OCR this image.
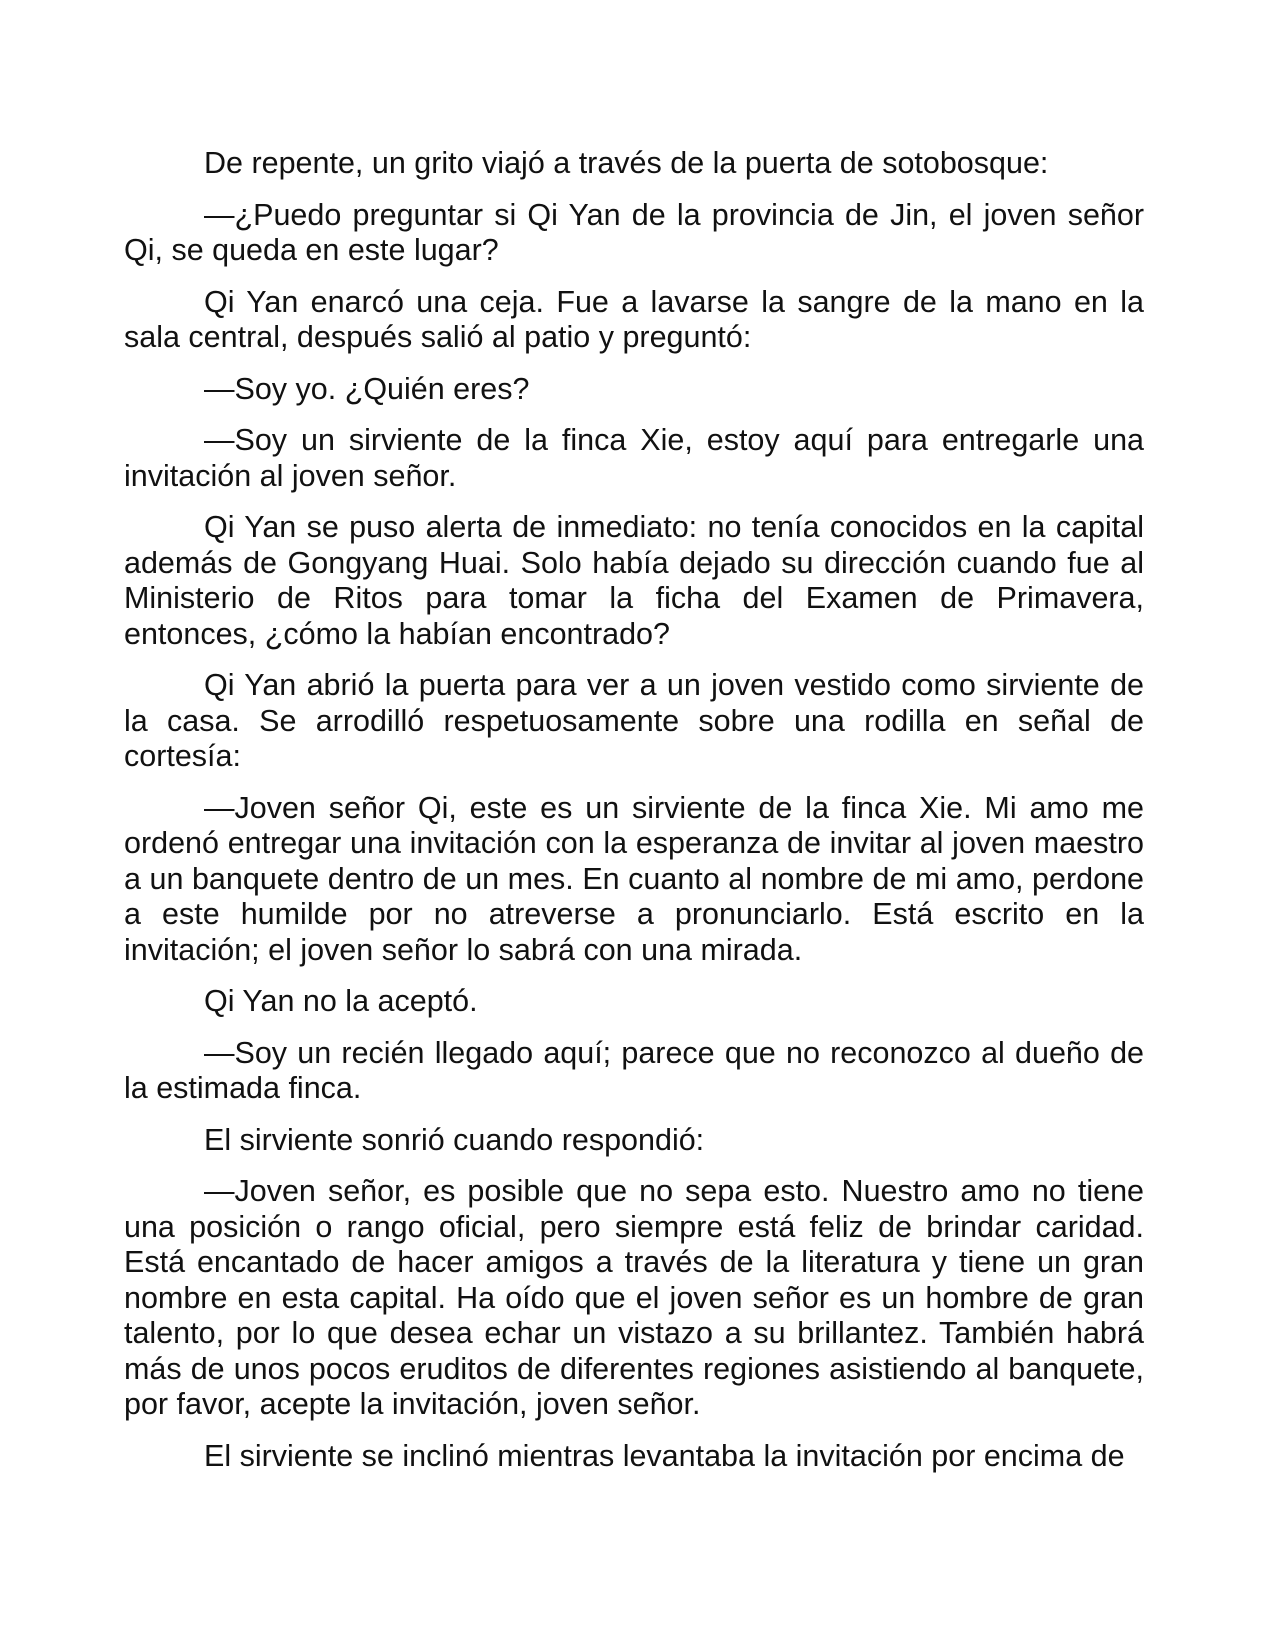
De repente, un grito viajó a través de la puerta de sotobosque:

—¿Puedo preguntar si Qi Yan de la provincia de Jin, el joven señor Qi, se queda en este lugar?

Qi Yan enarcó una ceja. Fue a lavarse la sangre de la mano en la sala central, después salió al patio y preguntó:

—Soy yo. ¿Quién eres?

—Soy un sirviente de la finca Xie, estoy aquí para entregarle una invitación al joven señor.

Qi Yan se puso alerta de inmediato: no tenía conocidos en la capital además de Gongyang Huai. Solo había dejado su dirección cuando fue al Ministerio de Ritos para tomar la ficha del Examen de Primavera, entonces, ¿cómo la habían encontrado?

Qi Yan abrió la puerta para ver a un joven vestido como sirviente de la casa. Se arrodilló respetuosamente sobre una rodilla en señal de cortesía:

—Joven señor Qi, este es un sirviente de la finca Xie. Mi amo me ordenó entregar una invitación con la esperanza de invitar al joven maestro a un banquete dentro de un mes. En cuanto al nombre de mi amo, perdone a este humilde por no atreverse a pronunciarlo. Está escrito en la invitación; el joven señor lo sabrá con una mirada.

Qi Yan no la aceptó.

—Soy un recién llegado aquí; parece que no reconozco al dueño de la estimada finca.

El sirviente sonrió cuando respondió:

—Joven señor, es posible que no sepa esto. Nuestro amo no tiene una posición o rango oficial, pero siempre está feliz de brindar caridad. Está encantado de hacer amigos a través de la literatura y tiene un gran nombre en esta capital. Ha oído que el joven señor es un hombre de gran talento, por lo que desea echar un vistazo a su brillantez. También habrá más de unos pocos eruditos de diferentes regiones asistiendo al banquete, por favor, acepte la invitación, joven señor.

El sirviente se inclinó mientras levantaba la invitación por encima de
